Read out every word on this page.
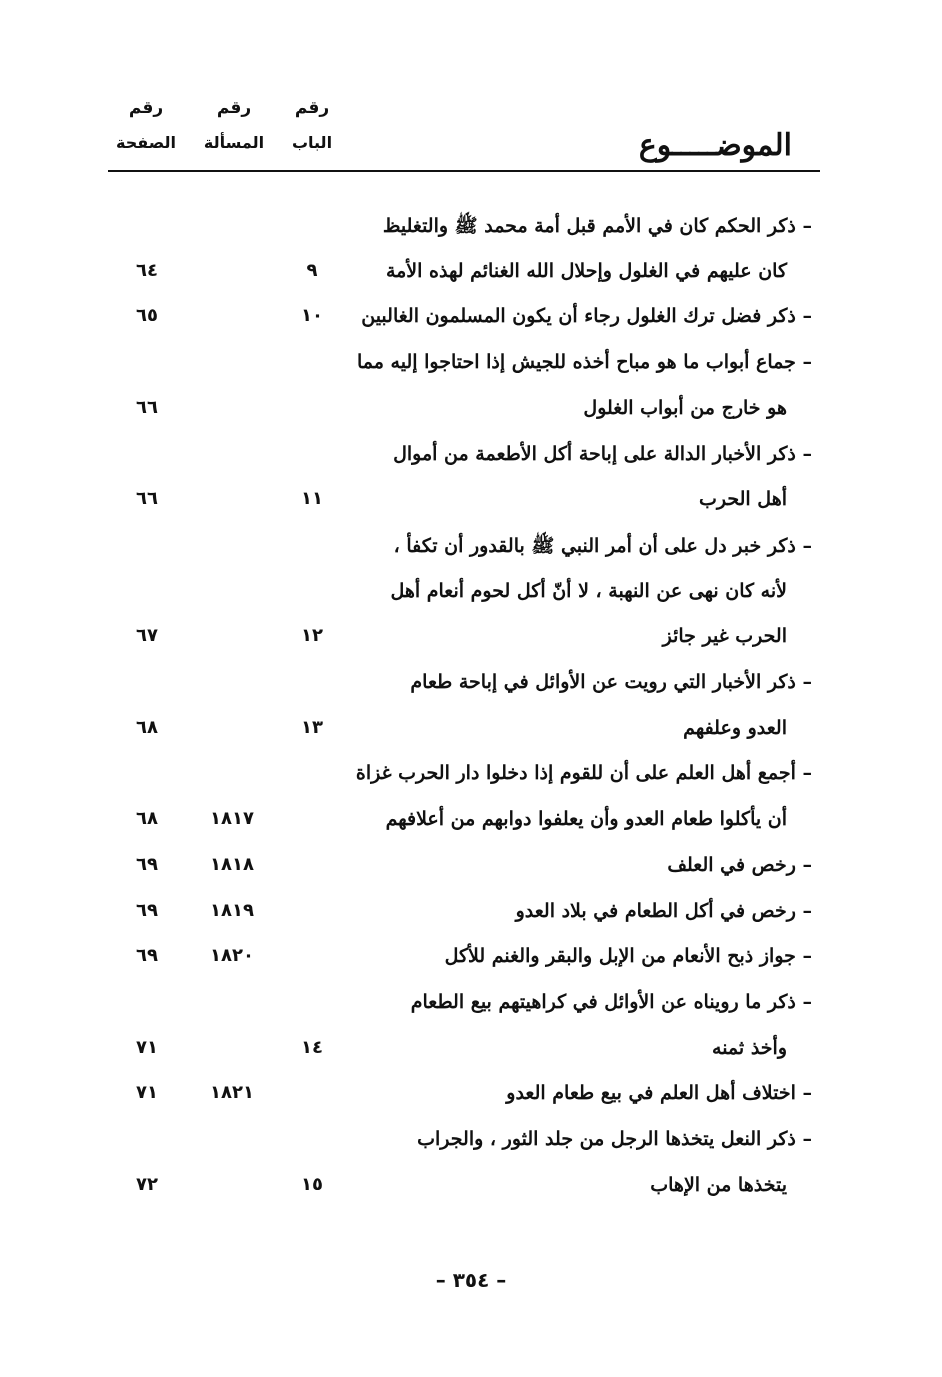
رقم
الصفحة
رقم
المسألة
رقم
الباب	الموضـــــوع
– ذكر الحكم كان في الأمم قبل أمة محمد ﷺ والتغليظ
كان عليهم في الغلول وإحلال الله الغنائم لهذه الأمة
٩
٦٤
– ذكر فضل ترك الغلول رجاء أن يكون المسلمون الغالبين
١٠
٦٥
– جماع أبواب ما هو مباح أخذه للجيش إذا احتاجوا إليه مما
هو خارج من أبواب الغلول
٦٦
– ذكر الأخبار الدالة على إباحة أكل الأطعمة من أموال
أهل الحرب
١١
٦٦
– ذكر خبر دل على أن أمر النبي ﷺ بالقدور أن تكفأ ،
لأنه كان نهى عن النهبة ، لا أنّ أكل لحوم أنعام أهل
الحرب غير جائز
١٢
٦٧
– ذكر الأخبار التي رويت عن الأوائل في إباحة طعام
العدو وعلفهم
١٣
٦٨
– أجمع أهل العلم على أن للقوم إذا دخلوا دار الحرب غزاة
أن يأكلوا طعام العدو وأن يعلفوا دوابهم من أعلافهم
١٨١٧
٦٨
– رخص في العلف
١٨١٨
٦٩
– رخص في أكل الطعام في بلاد العدو
١٨١٩
٦٩
– جواز ذبح الأنعام من الإبل والبقر والغنم للأكل
١٨٢٠
٦٩
– ذكر ما رويناه عن الأوائل في كراهيتهم بيع الطعام
وأخذ ثمنه
١٤
٧١
– اختلاف أهل العلم في بيع طعام العدو
١٨٢١
٧١
– ذكر النعل يتخذها الرجل من جلد الثور ، والجراب
يتخذها من الإهاب
١٥
٧٢
– ٣٥٤ –
